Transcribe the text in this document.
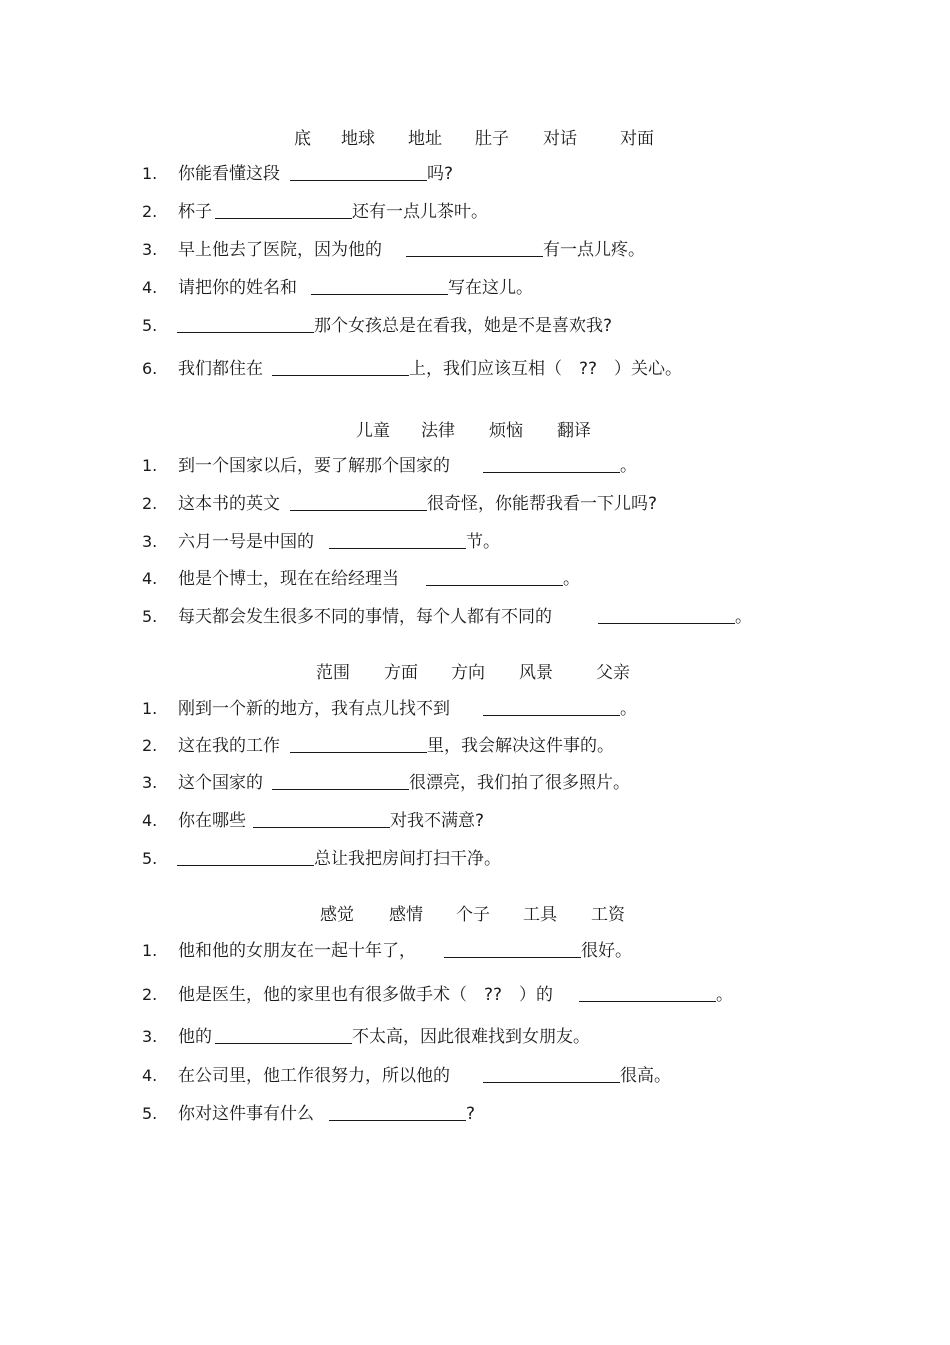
底 地球 地址 肚子 对话	对面
1. 你能看懂这段	吗?
2. 杯子	还有一点儿茶叶。
3. 早上他去了医院，因为他的	有一点儿疼。
4. 请把你的姓名和	写在这儿。
5.	那个女孩总是在看我，她是不是喜欢我?
6. 我们都住在	上，我们应该互相（　??　）关心。
儿童 法律 烦恼 翻译
1. 到一个国家以后，要了解那个国家的	。
2. 这本书的英文	很奇怪，你能帮我看一下儿吗?
3. 六月一号是中国的	节。
4. 他是个博士，现在在给经理当	。
5. 每天都会发生很多不同的事情，每个人都有不同的	。
范围 方面 方向 风景	父亲
1. 刚到一个新的地方，我有点儿找不到	。
2. 这在我的工作	里，我会解决这件事的。
3. 这个国家的	很漂亮，我们拍了很多照片。
4. 你在哪些	对我不满意?
5.	总让我把房间打扫干净。
感觉 感情 个子 工具 工资
1. 他和他的女朋友在一起十年了，	很好。
2. 他是医生，他的家里也有很多做手术（　??　）的	。
3. 他的	不太高，因此很难找到女朋友。
4. 在公司里，他工作很努力，所以他的	很高。
5. 你对这件事有什么	?
